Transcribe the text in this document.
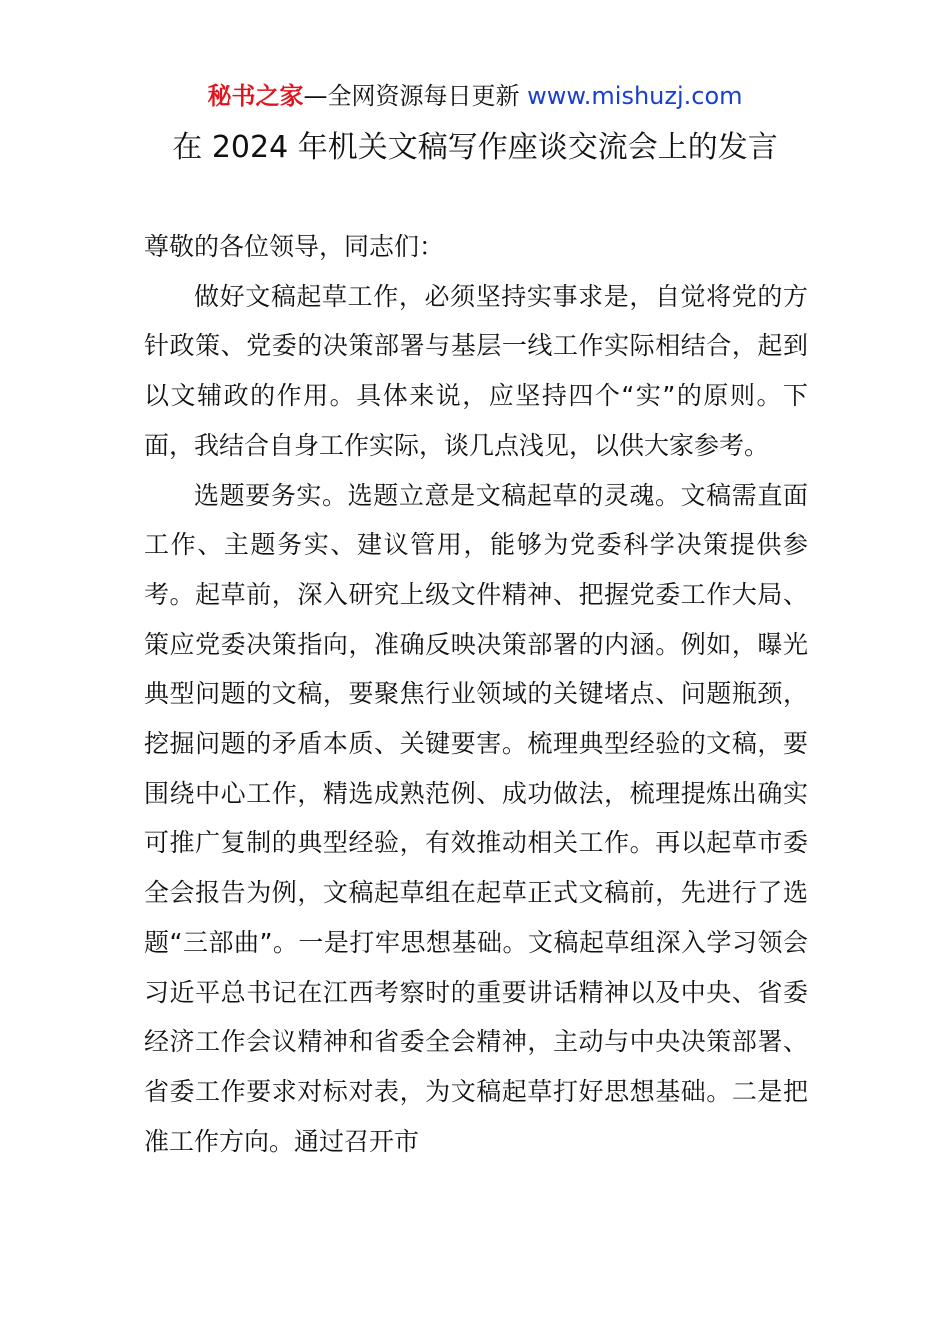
秘书之家—全网资源每日更新 www.mishuzj.com
在 2024 年机关文稿写作座谈交流会上的发言

尊敬的各位领导，同志们：

做好文稿起草工作，必须坚持实事求是，自觉将党的方针政策、党委的决策部署与基层一线工作实际相结合，起到以文辅政的作用。具体来说，应坚持四个“实”的原则。下面，我结合自身工作实际，谈几点浅见，以供大家参考。

选题要务实。选题立意是文稿起草的灵魂。文稿需直面工作、主题务实、建议管用，能够为党委科学决策提供参考。起草前，深入研究上级文件精神、把握党委工作大局、策应党委决策指向，准确反映决策部署的内涵。例如，曝光典型问题的文稿，要聚焦行业领域的关键堵点、问题瓶颈，挖掘问题的矛盾本质、关键要害。梳理典型经验的文稿，要围绕中心工作，精选成熟范例、成功做法，梳理提炼出确实可推广复制的典型经验，有效推动相关工作。再以起草市委全会报告为例，文稿起草组在起草正式文稿前，先进行了选题“三部曲”。一是打牢思想基础。文稿起草组深入学习领会习近平总书记在江西考察时的重要讲话精神以及中央、省委经济工作会议精神和省委全会精神，主动与中央决策部署、省委工作要求对标对表，为文稿起草打好思想基础。二是把准工作方向。通过召开市
